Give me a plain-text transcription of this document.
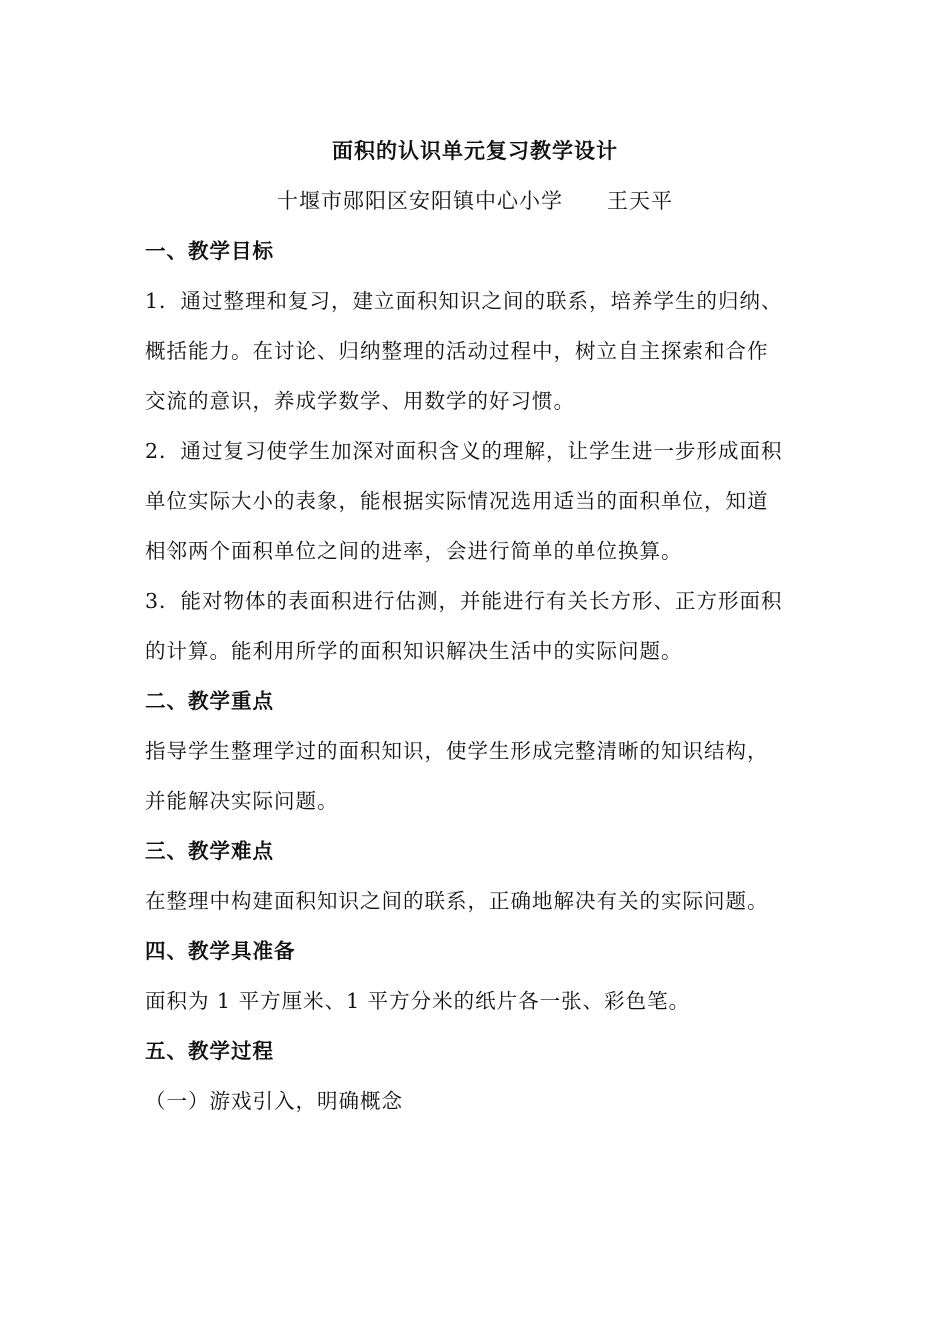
面积的认识单元复习教学设计
十堰市郧阳区安阳镇中心小学 王天平
一、教学目标
1．通过整理和复习，建立面积知识之间的联系，培养学生的归纳、
概括能力。在讨论、归纳整理的活动过程中，树立自主探索和合作
交流的意识，养成学数学、用数学的好习惯。
2．通过复习使学生加深对面积含义的理解，让学生进一步形成面积
单位实际大小的表象，能根据实际情况选用适当的面积单位，知道
相邻两个面积单位之间的进率，会进行简单的单位换算。
3．能对物体的表面积进行估测，并能进行有关长方形、正方形面积
的计算。能利用所学的面积知识解决生活中的实际问题。
二、教学重点
指导学生整理学过的面积知识，使学生形成完整清晰的知识结构，
并能解决实际问题。
三、教学难点
在整理中构建面积知识之间的联系，正确地解决有关的实际问题。
四、教学具准备
面积为 1 平方厘米、1 平方分米的纸片各一张、彩色笔。
五、教学过程
（一）游戏引入，明确概念
